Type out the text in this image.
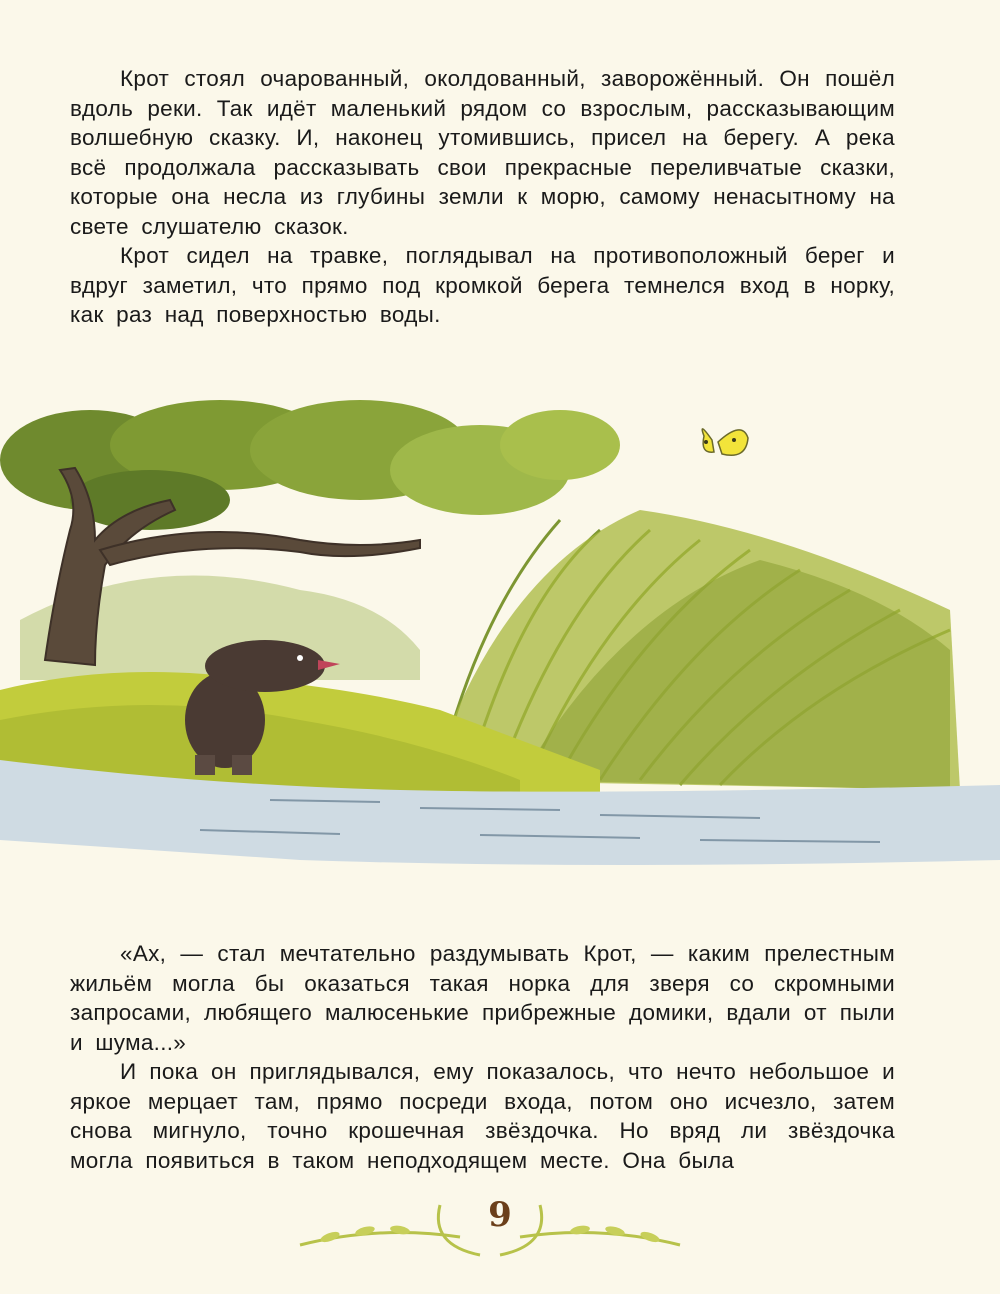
Крот стоял очарованный, околдованный, заворожённый. Он пошёл вдоль реки. Так идёт маленький рядом со взрослым, рассказывающим волшебную сказку. И, наконец утомившись, присел на берегу. А река всё продолжала рассказывать свои прекрасные переливчатые сказки, которые она несла из глубины земли к морю, самому ненасытному на свете слушателю сказок.

Крот сидел на травке, поглядывал на противоположный берег и вдруг заметил, что прямо под кромкой берега темнелся вход в норку, как раз над поверхностью воды.

«Ах, — стал мечтательно раздумывать Крот, — каким прелестным жильём могла бы оказаться такая норка для зверя со скромными запросами, любящего малюсенькие прибрежные домики, вдали от пыли и шума...»

И пока он приглядывался, ему показалось, что нечто небольшое и яркое мерцает там, прямо посреди входа, потом оно исчезло, затем снова мигнуло, точно крошечная звёздочка. Но вряд ли звёздочка могла появиться в таком неподходящем месте. Она была

9
